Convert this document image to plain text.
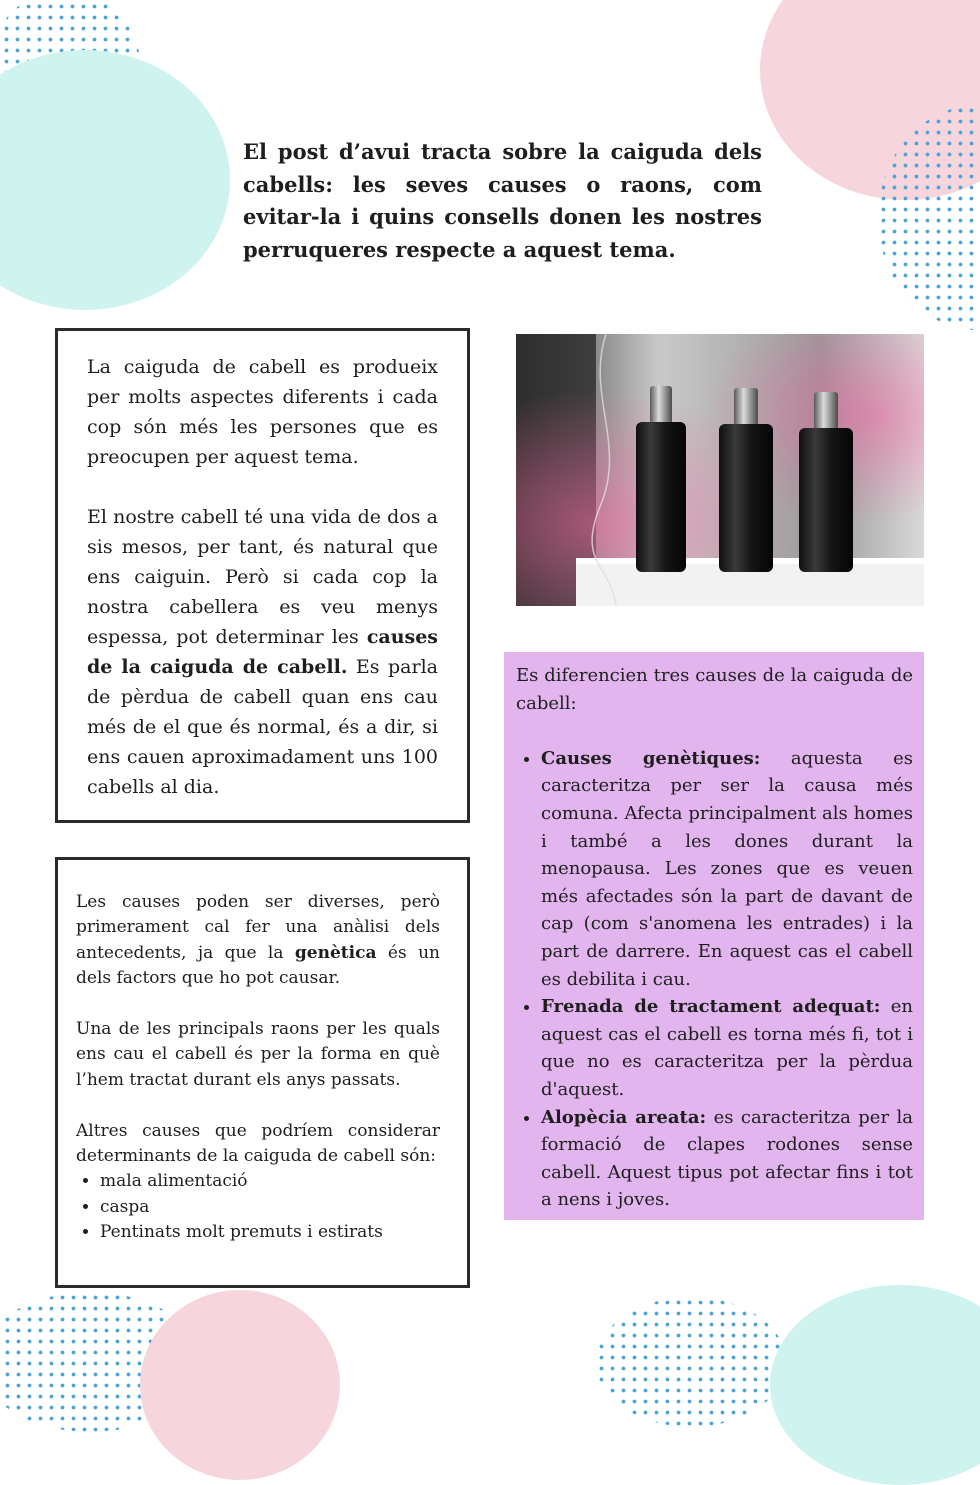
El post d’avui tracta sobre la caiguda dels cabells: les seves causes o raons, com evitar-la i quins consells donen les nostres perruqueres respecte a aquest tema.

La caiguda de cabell es produeix per molts aspectes diferents i cada cop són més les persones que es preocupen per aquest tema.

El nostre cabell té una vida de dos a sis mesos, per tant, és natural que ens caiguin. Però si cada cop la nostra cabellera es veu menys espessa, pot determinar les causes de la caiguda de cabell. Es parla de pèrdua de cabell quan ens cau més de el que és normal, és a dir, si ens cauen aproximadament uns 100 cabells al dia.

Les causes poden ser diverses, però primerament cal fer una anàlisi dels antecedents, ja que la genètica és un dels factors que ho pot causar.

Una de les principals raons per les quals ens cau el cabell és per la forma en què l’hem tractat durant els anys passats.

Altres causes que podríem considerar determinants de la caiguda de cabell són:

• mala alimentació
• caspa
• Pentinats molt premuts i estirats

Es diferencien tres causes de la caiguda de cabell:

• Causes genètiques: aquesta es caracteritza per ser la causa més comuna. Afecta principalment als homes i també a les dones durant la menopausa. Les zones que es veuen més afectades són la part de davant de cap (com s'anomena les entrades) i la part de darrere. En aquest cas el cabell es debilita i cau.
• Frenada de tractament adequat: en aquest cas el cabell es torna més fi, tot i que no es caracteritza per la pèrdua d'aquest.
• Alopècia areata: es caracteritza per la formació de clapes rodones sense cabell. Aquest tipus pot afectar fins i tot a nens i joves.
